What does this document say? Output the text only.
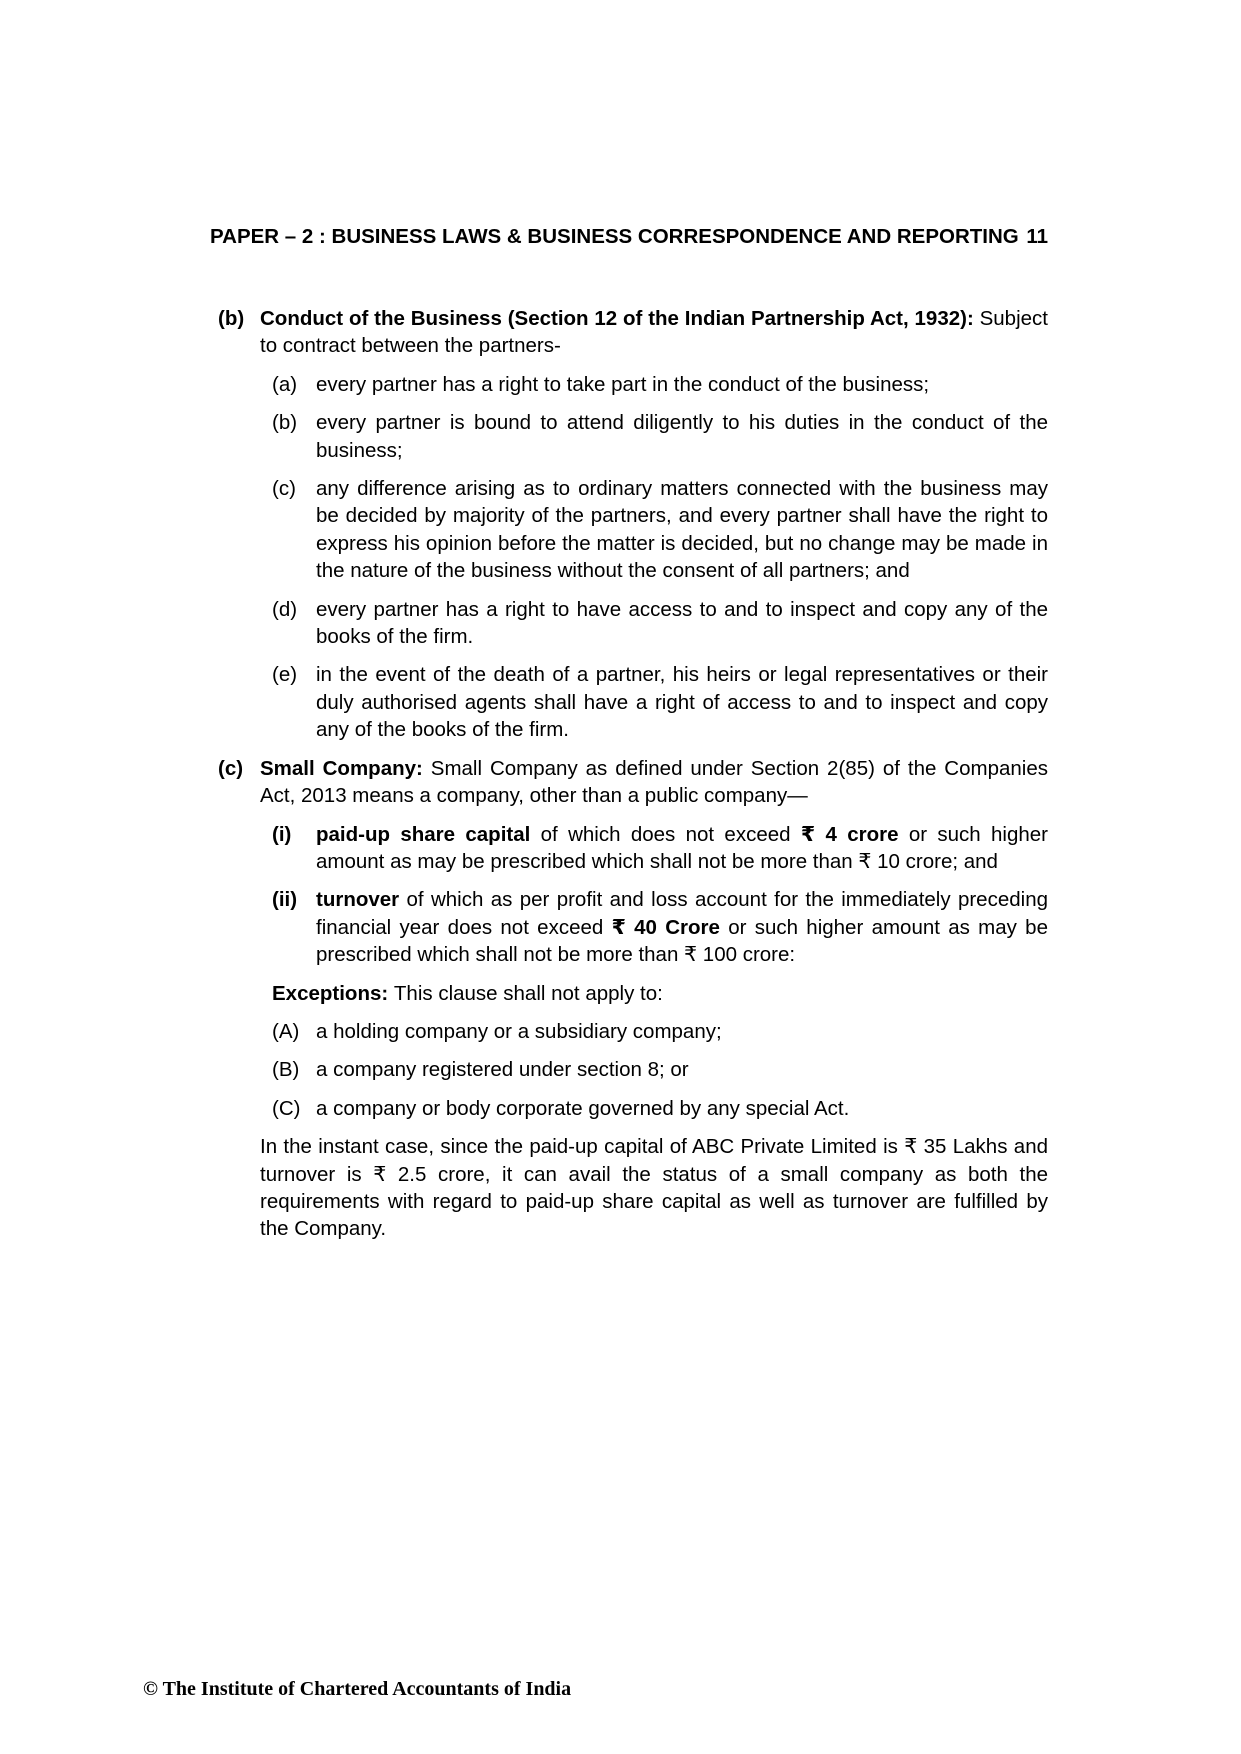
PAPER – 2 : BUSINESS LAWS & BUSINESS CORRESPONDENCE AND REPORTING 11
(b) Conduct of the Business (Section 12 of the Indian Partnership Act, 1932): Subject to contract between the partners-

(a) every partner has a right to take part in the conduct of the business;
(b) every partner is bound to attend diligently to his duties in the conduct of the business;
(c) any difference arising as to ordinary matters connected with the business may be decided by majority of the partners, and every partner shall have the right to express his opinion before the matter is decided, but no change may be made in the nature of the business without the consent of all partners; and
(d) every partner has a right to have access to and to inspect and copy any of the books of the firm.
(e) in the event of the death of a partner, his heirs or legal representatives or their duly authorised agents shall have a right of access to and to inspect and copy any of the books of the firm.
(c) Small Company: Small Company as defined under Section 2(85) of the Companies Act, 2013 means a company, other than a public company—

(i)	paid-up share capital of which does not exceed ₹ 4 crore or such higher amount as may be prescribed which shall not be more than ₹ 10 crore; and
(ii) turnover of which as per profit and loss account for the immediately preceding financial year does not exceed ₹ 40 Crore or such higher amount as may be prescribed which shall not be more than ₹ 100 crore:

Exceptions: This clause shall not apply to:

(A) a holding company or a subsidiary company;
(B) a company registered under section 8; or
(C) a company or body corporate governed by any special Act.

In the instant case, since the paid-up capital of ABC Private Limited is ₹ 35 Lakhs and turnover is ₹ 2.5 crore, it can avail the status of a small company as both the requirements with regard to paid-up share capital as well as turnover are fulfilled by the Company.

© The Institute of Chartered Accountants of India
